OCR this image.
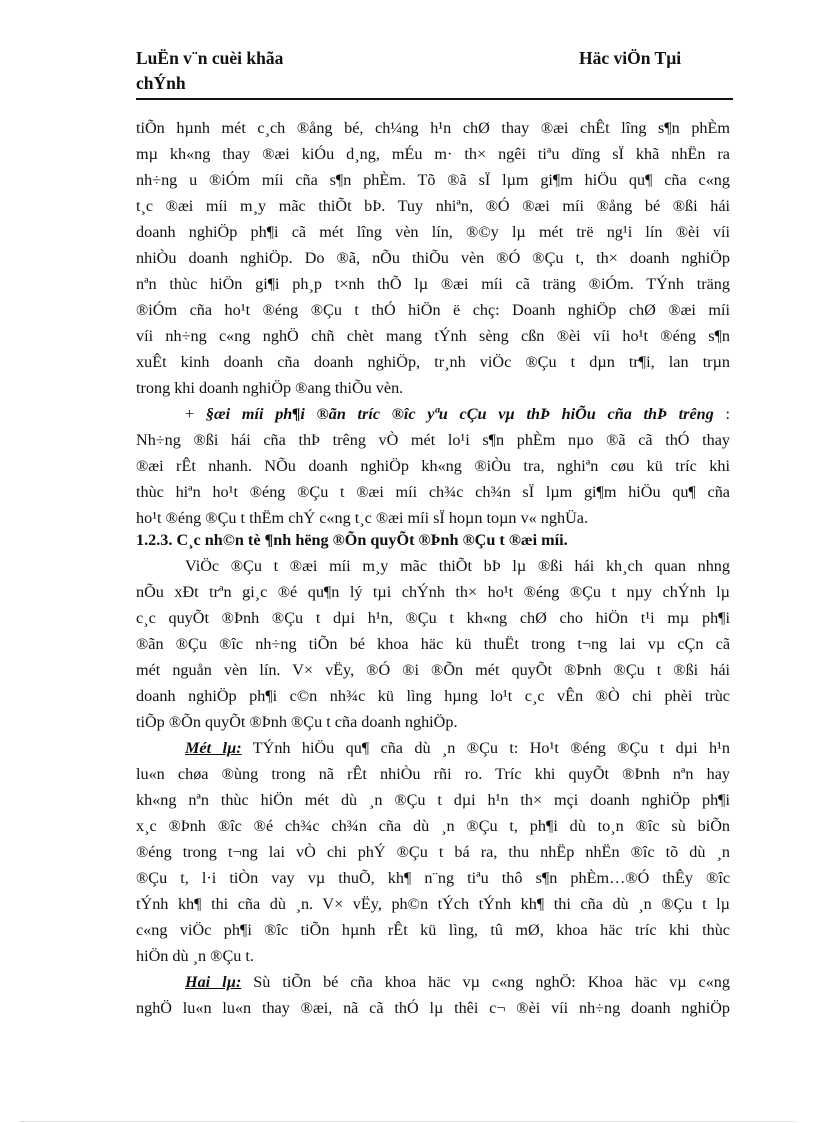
LuËn v¨n cuèi khãa
chÝnh
Häc viÖn Tµi
tiÕn hµnh mét c¸ch ®ång bé, ch¼ng h¹n chØ thay ®æi chÊt lîng s¶n phÈm
mµ kh«ng thay ®æi kiÓu d¸ng, mÉu m· th× ngêi tiªu dïng sÏ khã nhËn ra
nh÷ng u ®iÓm míi cña s¶n phÈm. Tõ ®ã sÏ lµm gi¶m hiÖu qu¶ cña c«ng
t¸c ®æi míi m¸y mãc thiÕt bÞ. Tuy nhiªn, ®Ó ®æi míi ®ång bé ®ßi hái
doanh nghiÖp ph¶i cã mét lîng vèn lín, ®©y lµ mét trë ng¹i lín ®èi víi
nhiÒu doanh nghiÖp. Do ®ã, nÕu thiÕu vèn ®Ó ®Çu t, th× doanh nghiÖp
nªn thùc hiÖn gi¶i ph¸p t×nh thÕ lµ ®æi míi cã träng ®iÓm. TÝnh träng
®iÓm cña ho¹t ®éng ®Çu t thÓ hiÖn ë chç: Doanh nghiÖp chØ ®æi míi
víi nh÷ng c«ng nghÖ chñ chèt mang tÝnh sèng cßn ®èi víi ho¹t ®éng s¶n
xuÊt kinh doanh cña doanh nghiÖp, tr¸nh viÖc ®Çu t dµn tr¶i, lan trµn
trong khi doanh nghiÖp ®ang thiÕu vèn.
+ §æi míi ph¶i ®ãn tríc ®îc yªu cÇu vµ thÞ hiÕu cña thÞ trêng :
Nh÷ng ®ßi hái cña thÞ trêng vÒ mét lo¹i s¶n phÈm nµo ®ã cã thÓ thay
®æi rÊt nhanh. NÕu doanh nghiÖp kh«ng ®iÒu tra, nghiªn cøu kü tríc khi
thùc hiªn ho¹t ®éng ®Çu t ®æi míi ch¾c ch¾n sÏ lµm gi¶m hiÖu qu¶ cña
ho¹t ®éng ®Çu t thËm chÝ c«ng t¸c ®æi míi sÏ hoµn toµn v« nghÜa.
1.2.3. C¸c nh©n tè ¶nh hëng ®Õn quyÕt ®Þnh ®Çu t ®æi míi.
ViÖc ®Çu t ®æi míi m¸y mãc thiÕt bÞ lµ ®ßi hái kh¸ch quan nhng
nÕu xÐt trªn gi¸c ®é qu¶n lý tµi chÝnh th× ho¹t ®éng ®Çu t nµy chÝnh lµ
c¸c quyÕt ®Þnh ®Çu t dµi h¹n, ®Çu t kh«ng chØ cho hiÖn t¹i mµ ph¶i
®ãn ®Çu ®îc nh÷ng tiÕn bé khoa häc kü thuËt trong t¬ng lai vµ cÇn cã
mét nguån vèn lín. V× vËy, ®Ó ®i ®Õn mét quyÕt ®Þnh ®Çu t ®ßi hái
doanh nghiÖp ph¶i c©n nh¾c kü lìng hµng lo¹t c¸c vÊn ®Ò chi phèi trùc
tiÕp ®Õn quyÕt ®Þnh ®Çu t cña doanh nghiÖp.
Mét lµ: TÝnh hiÖu qu¶ cña dù ¸n ®Çu t: Ho¹t ®éng ®Çu t dµi h¹n
lu«n chøa ®ùng trong nã rÊt nhiÒu rñi ro. Tríc khi quyÕt ®Þnh nªn hay
kh«ng nªn thùc hiÖn mét dù ¸n ®Çu t dµi h¹n th× mçi doanh nghiÖp ph¶i
x¸c ®Þnh ®îc ®é ch¾c ch¾n cña dù ¸n ®Çu t, ph¶i dù to¸n ®îc sù biÕn
®éng trong t¬ng lai vÒ chi phÝ ®Çu t bá ra, thu nhËp nhËn ®îc tõ dù ¸n
®Çu t, l·i tiÒn vay vµ thuÕ, kh¶ n¨ng tiªu thô s¶n phÈm…®Ó thÊy ®îc
tÝnh kh¶ thi cña dù ¸n. V× vËy, ph©n tÝch tÝnh kh¶ thi cña dù ¸n ®Çu t lµ
c«ng viÖc ph¶i ®îc tiÕn hµnh rÊt kü lìng, tû mØ, khoa häc tríc khi thùc
hiÖn dù ¸n ®Çu t.
Hai lµ: Sù tiÕn bé cña khoa häc vµ c«ng nghÖ: Khoa häc vµ c«ng
nghÖ lu«n lu«n thay ®æi, nã cã thÓ lµ thêi c¬ ®èi víi nh÷ng doanh nghiÖp
